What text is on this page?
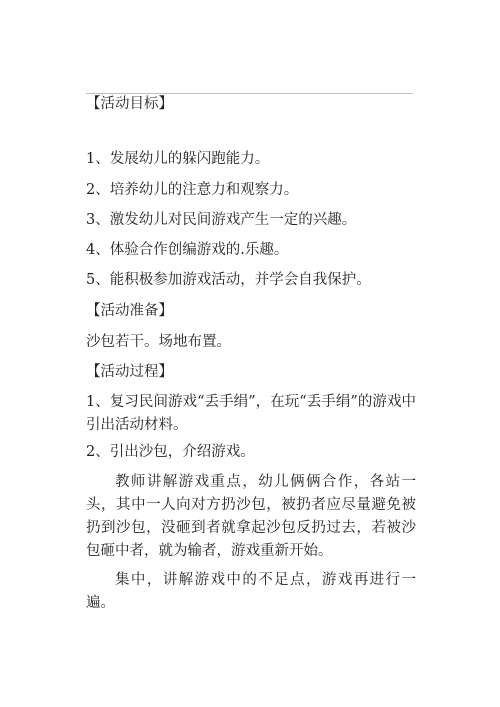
【活动目标】
1、发展幼儿的躲闪跑能力。
2、培养幼儿的注意力和观察力。
3、激发幼儿对民间游戏产生一定的兴趣。
4、体验合作创编游戏的.乐趣。
5、能积极参加游戏活动，并学会自我保护。
【活动准备】
沙包若干。场地布置。
【活动过程】
1、复习民间游戏“丢手绢”，在玩“丢手绢”的游戏中引出活动材料。
2、引出沙包，介绍游戏。
教师讲解游戏重点，幼儿俩俩合作，各站一头，其中一人向对方扔沙包，被扔者应尽量避免被扔到沙包，没砸到者就拿起沙包反扔过去，若被沙包砸中者，就为输者，游戏重新开始。
集中，讲解游戏中的不足点，游戏再进行一遍。
